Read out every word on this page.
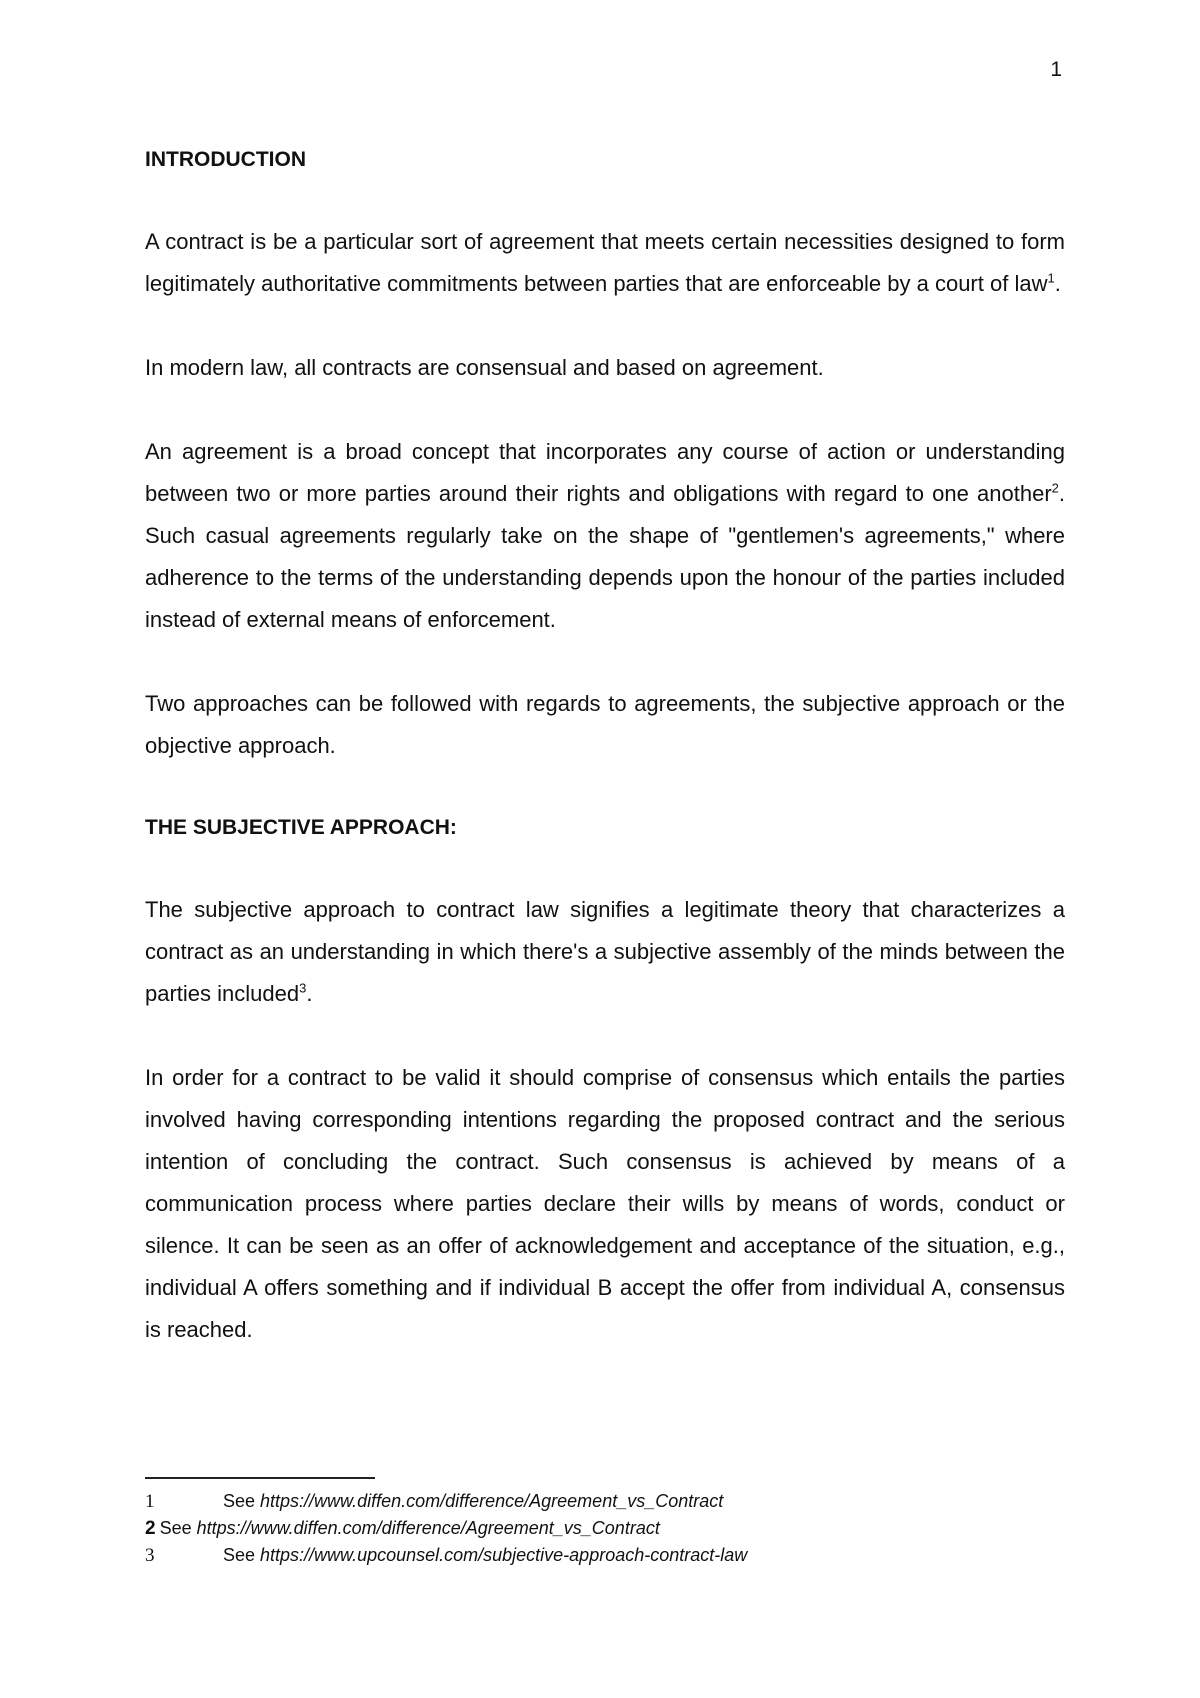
1

INTRODUCTION

A contract is be a particular sort of agreement that meets certain necessities designed to form legitimately authoritative commitments between parties that are enforceable by a court of law$^1$.

In modern law, all contracts are consensual and based on agreement.

An agreement is a broad concept that incorporates any course of action or understanding between two or more parties around their rights and obligations with regard to one another$^2$. Such casual agreements regularly take on the shape of "gentlemen's agreements," where adherence to the terms of the understanding depends upon the honour of the parties included instead of external means of enforcement.

Two approaches can be followed with regards to agreements, the subjective approach or the objective approach.

THE SUBJECTIVE APPROACH:

The subjective approach to contract law signifies a legitimate theory that characterizes a contract as an understanding in which there's a subjective assembly of the minds between the parties included$^3$.

In order for a contract to be valid it should comprise of consensus which entails the parties involved having corresponding intentions regarding the proposed contract and the serious intention of concluding the contract. Such consensus is achieved by means of a communication process where parties declare their wills by means of words, conduct or silence. It can be seen as an offer of acknowledgement and acceptance of the situation, e.g., individual A offers something and if individual B accept the offer from individual A, consensus is reached.

1	See https://www.diffen.com/difference/Agreement_vs_Contract

2 See https://www.diffen.com/difference/Agreement_vs_Contract

3	See https://www.upcounsel.com/subjective-approach-contract-law
